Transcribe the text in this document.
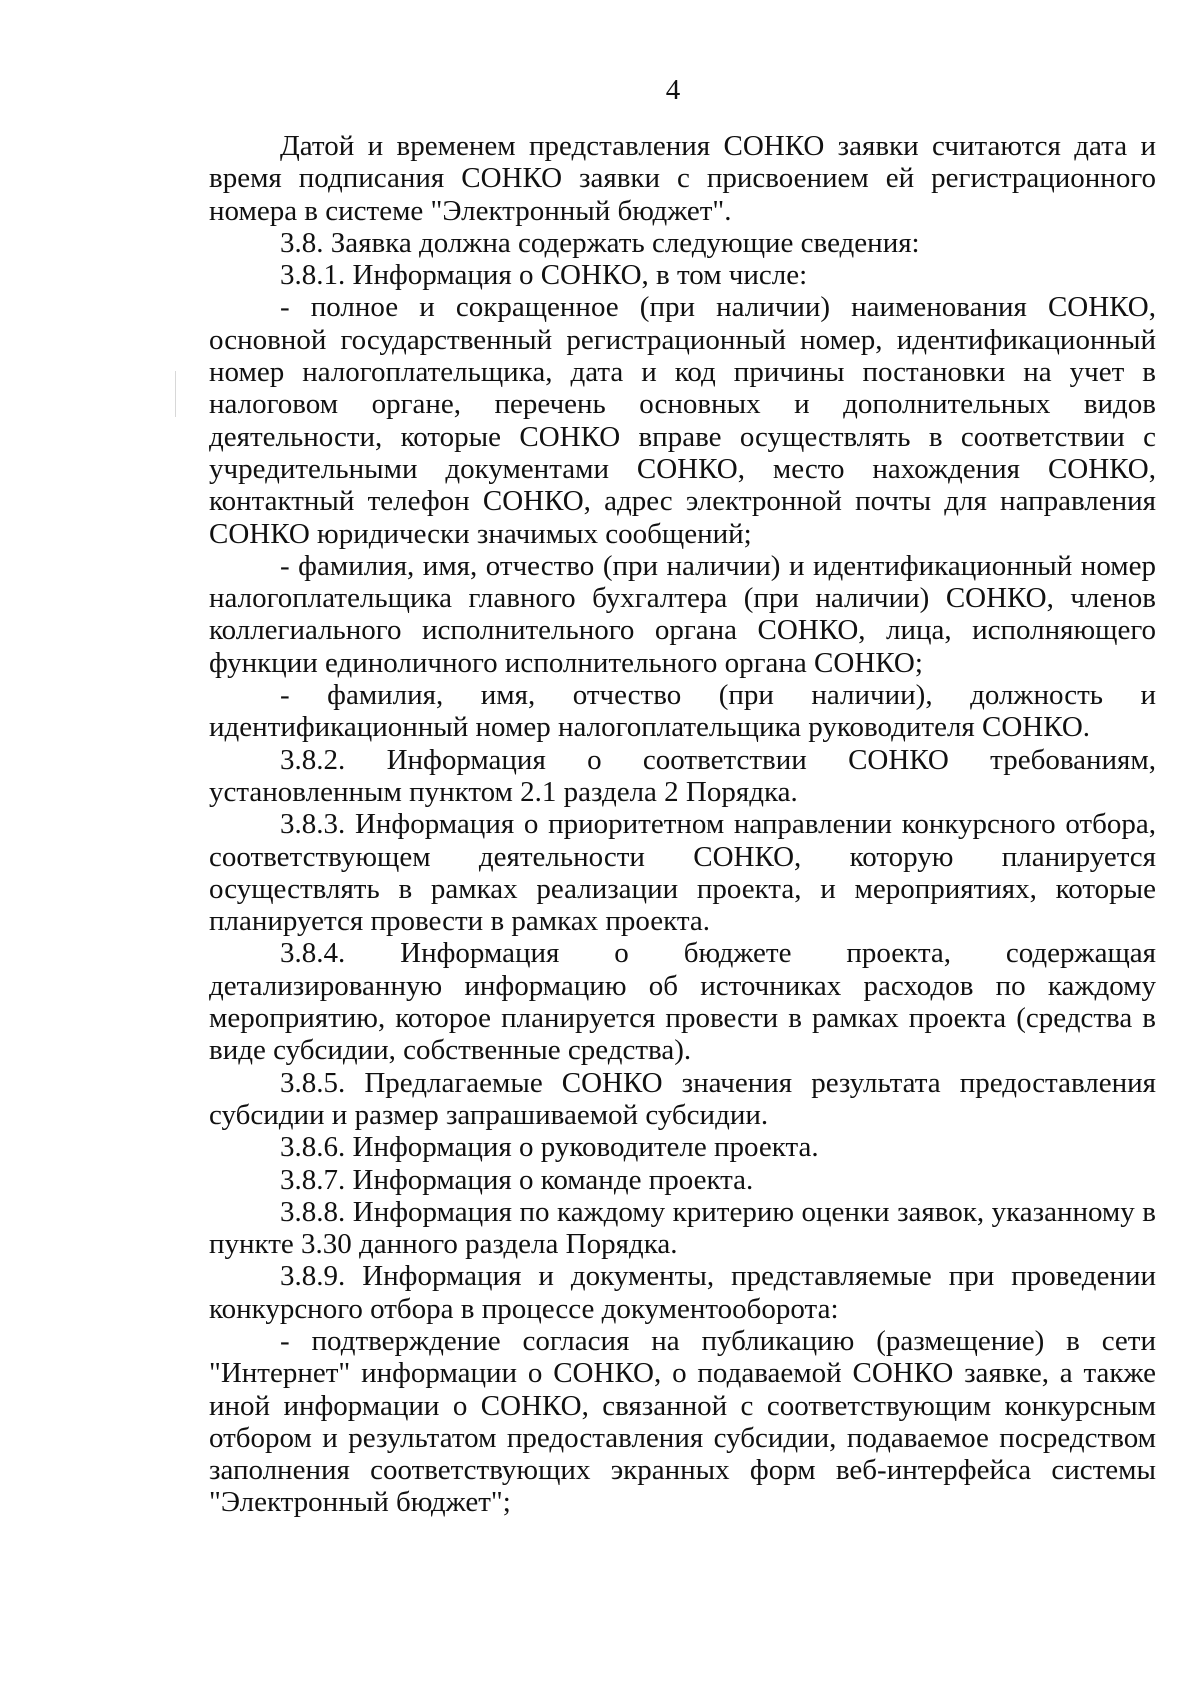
4

Датой и временем представления СОНКО заявки считаются дата и время подписания СОНКО заявки с присвоением ей регистрационного номера в системе "Электронный бюджет".

3.8. Заявка должна содержать следующие сведения:

3.8.1. Информация о СОНКО, в том числе:

- полное и сокращенное (при наличии) наименования СОНКО, основной государственный регистрационный номер, идентификационный номер налогоплательщика, дата и код причины постановки на учет в налоговом органе, перечень основных и дополнительных видов деятельности, которые СОНКО вправе осуществлять в соответствии с учредительными документами СОНКО, место нахождения СОНКО, контактный телефон СОНКО, адрес электронной почты для направления СОНКО юридически значимых сообщений;

- фамилия, имя, отчество (при наличии) и идентификационный номер налогоплательщика главного бухгалтера (при наличии) СОНКО, членов коллегиального исполнительного органа СОНКО, лица, исполняющего функции единоличного исполнительного органа СОНКО;

- фамилия, имя, отчество (при наличии), должность и идентификационный номер налогоплательщика руководителя СОНКО.

3.8.2. Информация о соответствии СОНКО требованиям, установленным пунктом 2.1 раздела 2 Порядка.

3.8.3. Информация о приоритетном направлении конкурсного отбора, соответствующем деятельности СОНКО, которую планируется осуществлять в рамках реализации проекта, и мероприятиях, которые планируется провести в рамках проекта.

3.8.4. Информация о бюджете проекта, содержащая детализированную информацию об источниках расходов по каждому мероприятию, которое планируется провести в рамках проекта (средства в виде субсидии, собственные средства).

3.8.5. Предлагаемые СОНКО значения результата предоставления субсидии и размер запрашиваемой субсидии.

3.8.6. Информация о руководителе проекта.

3.8.7. Информация о команде проекта.

3.8.8. Информация по каждому критерию оценки заявок, указанному в пункте 3.30 данного раздела Порядка.

3.8.9. Информация и документы, представляемые при проведении конкурсного отбора в процессе документооборота:

- подтверждение согласия на публикацию (размещение) в сети "Интернет" информации о СОНКО, о подаваемой СОНКО заявке, а также иной информации о СОНКО, связанной с соответствующим конкурсным отбором и результатом предоставления субсидии, подаваемое посредством заполнения соответствующих экранных форм веб-интерфейса системы "Электронный бюджет";
